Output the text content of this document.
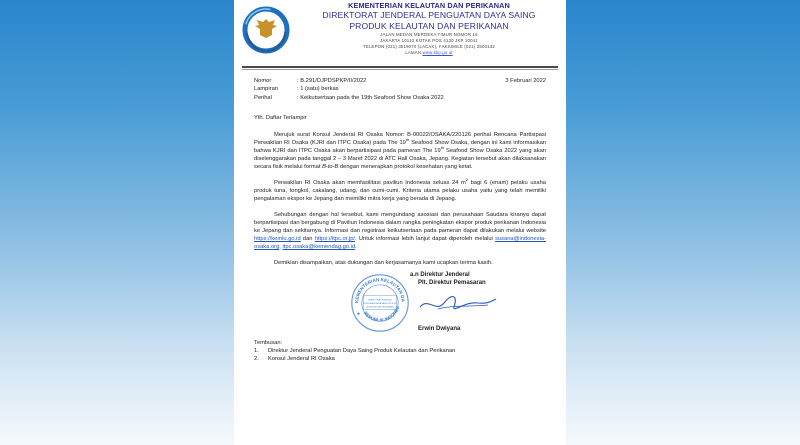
KEMENTERIAN KELAUTAN DAN PERIKA
KEMENTERIAN KELAUTAN DAN PERIKANAN
DIREKTORAT JENDERAL PENGUATAN DAYA SAING
PRODUK KELAUTAN DAN PERIKANAN
JALAN MEDAN MERDEKA TIMUR NOMOR 16
JAKARTA 10110 KOTAK POS 4130 JKP 10041
TELEPON (021) 3519070 (LACAK), FAKSIMILE (021) 3500132
LAMAN www.kkp.go.id
Nomor	: B.291/DJPDSPKP/II/2022	3 Februari 2022
Lampiran	: 1 (satu) berkas
Perihal	: Keikutsertaan pada the 19th Seafood Show Osaka 2022
Yth. Daftar Terlampir

Merujuk surat Konsul Jenderal RI Osaka Nomor: B-00022/OSAKA/220126 perihal Rencana Partisipasi Perwakilan RI Osaka (KJRI dan ITPC Osaka) pada The 19th Seafood Show Osaka, dengan ini kami informasikan bahwa KJRI dan ITPC Osaka akan berpartisipasi pada pameran The 19th Seafood Show Osaka 2022 yang akan diselenggarakan pada tanggal 2 – 3 Maret 2022 di ATC Hall Osaka, Jepang. Kegiatan tersebut akan dilaksanakan secara fisik melalui format B-to-B dengan menerapkan protokol kesehatan yang ketat.

Perwakilan RI Osaka akan memfasilitasi paviliun Indonesia seluas 24 $m^2$ bagi 6 (enam) pelaku usaha produk tuna, tongkol, cakalang, udang, dan cumi-cumi. Kriteria utama pelaku usaha yaitu yang telah memiliki pengalaman ekspor ke Jepang dan memiliki mitra kerja yang berada di Jepang.

Sehubungan dengan hal tersebut, kami mengundang asosiasi dan perusahaan Saudara kiranya dapat berpartisipasi dan bergabung di Paviliun Indonesia dalam rangka peningkatan ekspor produk perikanan Indonesia ke Jepang dan sekitarnya. Informasi dan registrasi keikutsertaan pada pameran dapat dilakukan melalui website https://kemlu.go.id dan https://itpc.or.jp/. Untuk informasi lebih lanjut dapat diperoleh melalui susana@indonesia-osaka.org, itpc.osaka@kemendag.go.id.

Demikian disampaikan, atas dukungan dan kerjasamanya kami ucapkan terima kasih.

KEMENTERIAN KELAUTAN DA
REPUBLIK INDONES
DIREKTORAT JENDERAL
PENGUATAN DAYA SAING PRODUK
KELAUTAN DAN PERIKANAN
★
a.n Direktur Jenderal
Plt. Direktur Pemasaran
Erwin Dwiyana
Tembusan:
1.	Direktur Jenderal Penguatan Daya Saing Produk Kelautan dan Perikanan
2.	Konsul Jenderal RI Osaka
